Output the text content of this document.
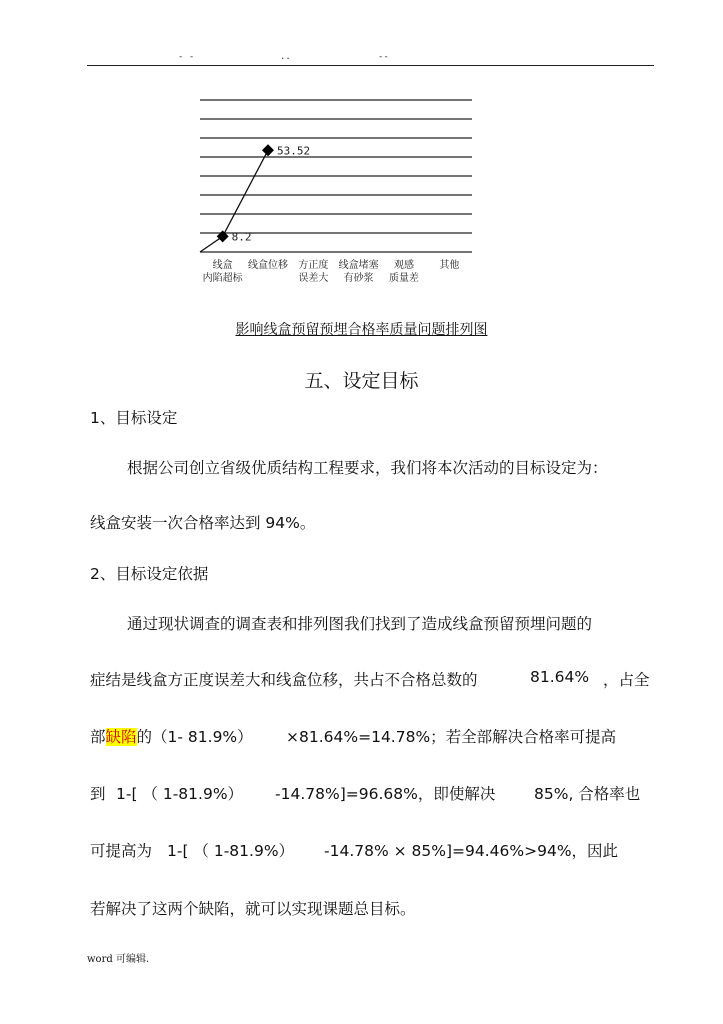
- -	..	--
8.2
53.52
线盒内陷超标
线盒位移 方正度误差大
线盒堵塞有砂浆
观感质量差
其他
影响线盒预留预埋合格率质量问题排列图
五、设定目标
1、目标设定
根据公司创立省级优质结构工程要求，我们将本次活动的目标设定为：
线盒安装一次合格率达到 94%。
2、目标设定依据
通过现状调查的调查表和排列图我们找到了造成线盒预留预埋问题的
症结是线盒方正度误差大和线盒位移，共占不合格总数的	81.64% ，占全
部缺陷的（1- 81.9%） ×81.64%=14.78%；若全部解决合格率可提高
到 1-[ （ 1-81.9%） -14.78%]=96.68%，即使解决 85%, 合格率也
可提高为 1-[ （ 1-81.9%） -14.78% × 85%]=94.46%>94%，因此
若解决了这两个缺陷，就可以实现课题总目标。
word 可编辑.
